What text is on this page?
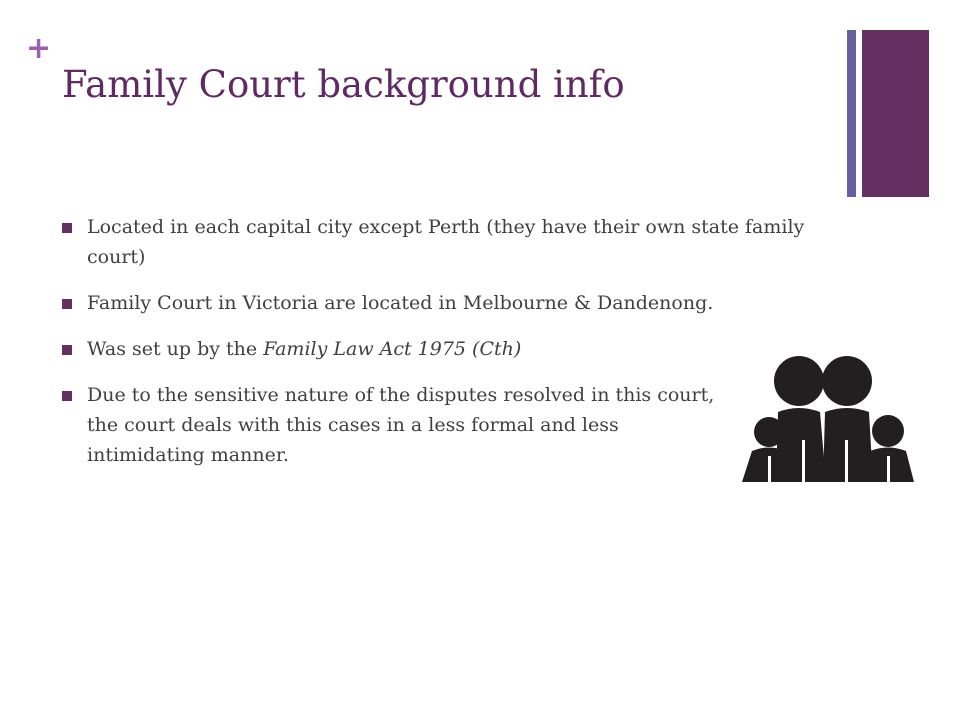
+
Family Court background info
Located in each capital city except Perth (they have their own state family court)
Family Court in Victoria are located in Melbourne & Dandenong.
Was set up by the Family Law Act 1975 (Cth)
Due to the sensitive nature of the disputes resolved in this court, the court deals with this cases in a less formal and less intimidating manner.
